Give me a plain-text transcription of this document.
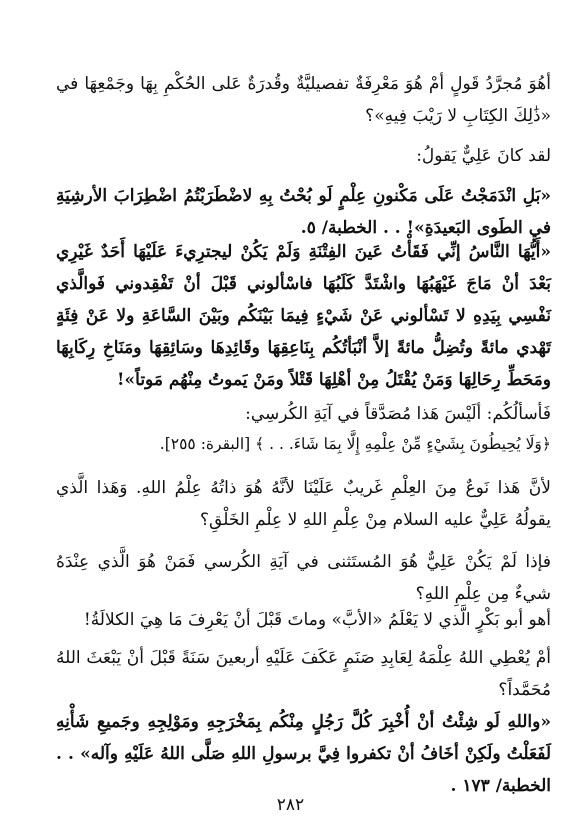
أهُوَ مُجرَّدُ قَولٍ أمْ هُوَ مَعْرِفَةٌ تفصيليَّةٌ وقُدرَةٌ عَلى الحُكْمِ بِهَا وجَمْعِهَا في «ذَٰلِكَ الكِتَابِ لا رَيْبَ فِيهِ»؟
لقد كانَ عَلِيٌّ يَقولُ:
«بَلِ انْدَمَجْتُ عَلَى مَكْنونِ عِلْمٍ لَو بُحْتُ بِهِ لاضْطَرَبْتُمُ اضْطِرَابَ الأرشِيَةِ في الطَوى البَعيدَةِ»! . . الخطبة/ ٥.
«أَيُّهَا النَّاسُ إنِّي فَقَأْتُ عَينَ الفِتْنَةِ وَلَمْ يَكُنْ ليجترِيءَ عَلَيْهَا أَحَدٌ غَيْرِي بَعْدَ أنْ مَاجَ غَيْهَبُهَا واشْتَدَّ كَلَبُهَا فاسْألوني قَبْلَ أنْ تَفْقِدوني فَوالَّذي نَفْسِي بِيَدِهِ لا تَسْألوني عَنْ شَيْءٍ فِيمَا بَيْنَكُم وبَيْنَ السَّاعَةِ ولا عَنْ فِئَةٍ تَهْدي مائةً وتُضِلُّ مائةً إلاَّ أنْبَأتُكُم بِنَاعِقِهَا وقَائِدِهَا وسَائِقِهَا ومَنَاخِ رِكَابِهَا ومَحَطِّ رِحَالِهَا وَمَنْ يُقْتَلُ مِنْ أهْلِهَا قَتْلاً ومَنْ يَموتُ مِنْهُم مَوتاً»!
فَأسألُكُم: ألَيْسَ هَذا مُصَدَّقاً في آيَةِ الكُرسِي:
﴿وَلَا يُحِيطُونَ بِشَيْءٍ مِّنْ عِلْمِهِ إِلَّا بِمَا شَاءَ. . . ﴾ [البقرة: ٢٥٥].
لأنَّ هَذا نَوعٌ مِنَ العِلْمِ غَريبٌ عَلَيْنَا لأنَّهُ هُوَ ذاتُهُ عِلْمُ اللهِ. وَهَذا الَّذي يقولُهُ عَلِيٌّ عليه السلام مِنْ عِلْمِ اللهِ لا عِلْمِ الخَلْقِ؟
فإذا لَمْ يَكُنْ عَلِيٌّ هُوَ المُستَثنى في آيَةِ الكُرسي فَمَنْ هُوَ الَّذي عِنْدَهُ شيءٌ مِن عِلْمِ اللهِ؟
أهو أبو بَكْرٍ الَّذي لا يَعْلَمُ «الأبَّ» وماتَ قَبْلَ أنْ يَعْرِفَ مَا هِيَ الكلالَةُ!
أمْ يُعْطِي اللهُ عِلْمَهُ لِعَابِدِ صَنَمٍ عَكَفَ عَلَيْهِ أربعينَ سَنَةً قَبْلَ أنْ يَبْعَثَ اللهُ مُحَمَّداً؟
«واللهِ لَو شِئْتُ أنْ أُخْبِرَ كُلَّ رَجُلٍ مِنْكُم بِمَخْرَجِهِ ومَوْلِجِهِ وجَميعِ شَأْنِهِ لَفَعَلْتُ ولَكِنْ أخَافُ أنْ تكفروا فِيَّ برسولِ اللهِ صَلَّى اللهُ عَلَيْهِ وآله» . . الخطبة/ ١٧٣ .
٢٨٢
